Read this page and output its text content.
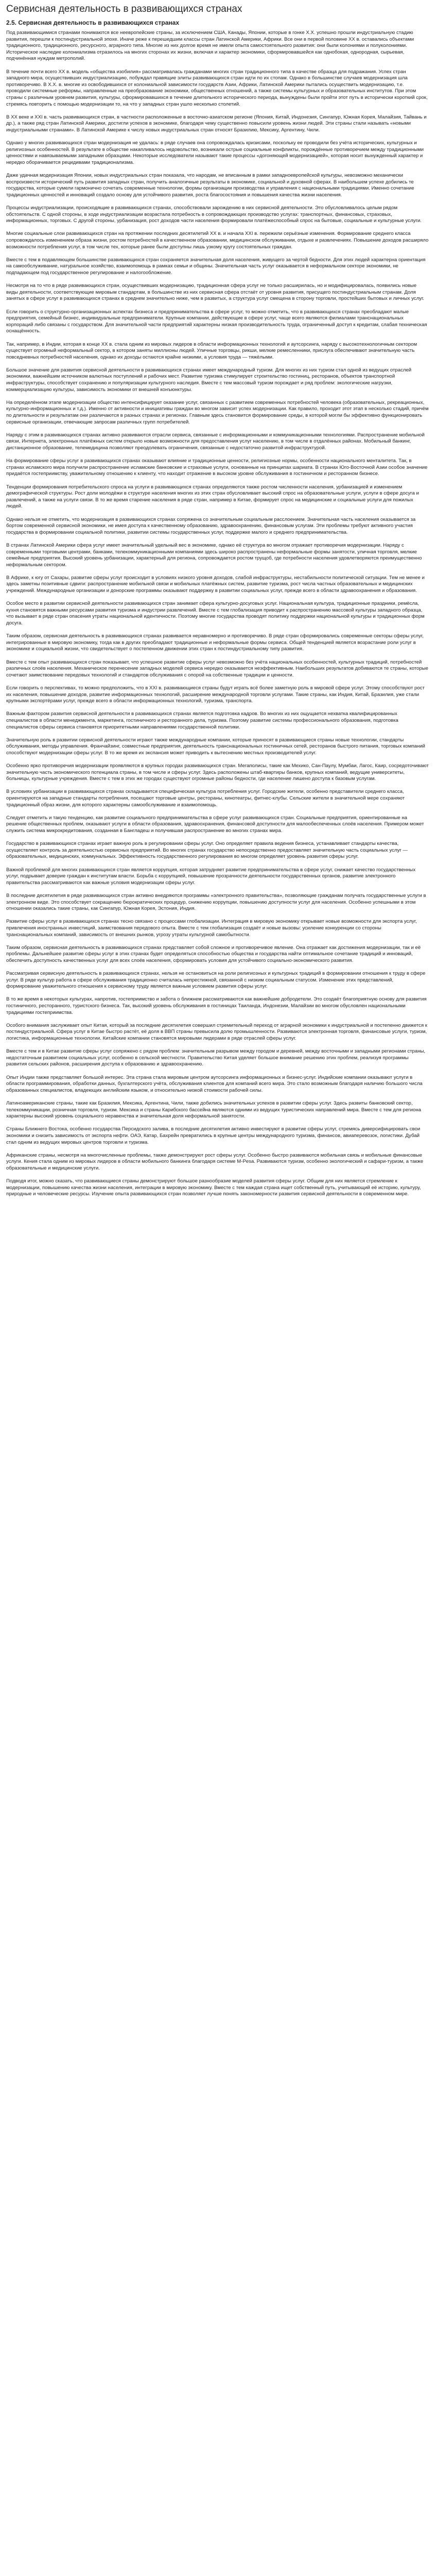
Сервисная деятельность в развивающихся странах
2.5. Сервисная деятельность в развивающихся странах

Под развивающимися странами понимаются все неевропейские страны, за исключением США, Канады, Японии, которые в гонке Х.Х. успешно прошли индустриальную стадию развития, перешли к постиндустриальной эпохе. Иначе реже к перешедшим классы стран Латинской Америки, Африки. Все они в первой половине ХХ в. оставались объектами традиционного, традиционного, ресурсного, аграрного типа. Многие из них долгое время не имели опыта самостоятельного развития: они были колониями и полуколониями. Историческое наследие колониализма отразилось на многих сторонах их жизни, включая и характер экономики, сформировавшейся как однобокая, однородная, сырьевая, подчинённая нуждам метрополий.

В течение почти всего ХХ в. модель «общества изобилия» рассматривалась гражданами многих стран традиционного типа в качестве образца для подражания. Успех стран западного мира, осуществивших индустриализацию, побуждал правящие элиты развивающихся стран идти по их стопам. Однако в большинстве случаев модернизация шла противоречиво. В Х.Х. в. многие из освободившихся от колониальной зависимости государств Азии, Африки, Латинской Америки пытались осуществить модернизацию, т.е. проводили системные реформы, направленные на преобразование экономики, общественных отношений, а также системы культурных и образовательных институтов. При этом страны с различным уровнем развития, культуры, сформировавшихся в течение длительного исторического периода, вынуждены были пройти этот путь в исторически короткий срок, стремясь повторить с помощью модернизации то, на что у западных стран ушло несколько столетий.

В ХХ веке и ХХI в. часть развивающихся стран, в частности расположенные в восточно-азиатском регионе (Япония, Китай, Индонезия, Сингапур, Южная Корея, Малайзия, Тайвань и др.), а также ряд стран Латинской Америки, достигли успехов в экономике, благодаря чему существенно повысили уровень жизни людей. Эти страны стали называть «новыми индустриальными странами». В Латинской Америке к числу новых индустриальных стран относят Бразилию, Мексику, Аргентину, Чили.

Однако у многих развивающихся стран модернизация не удалась: в ряде случаев она сопровождалась кризисами, поскольку ее проводили без учёта исторических, культурных и религиозных особенностей. В результате в обществе накапливалось недовольство, возникали острые социальные конфликты, порождённые противоречием между традиционными ценностями и навязываемыми западными образцами. Некоторые исследователи называют такие процессы «догоняющей модернизацией», которая носит вынужденный характер и нередко оборачивается рецидивами традиционализма.

Даже удачная модернизация Японии, новых индустриальных стран показала, что народам, не вписанным в рамки западноевропейской культуры, невозможно механически воспроизвести исторический путь развития западных стран, получить аналогичные результаты в экономике, социальной и духовной сферах. В наибольшем успехе добились те государства, которые сумели гармонично сочетать современные технологии, формы организации производства и управления с национальными традициями. Именно сочетание традиционных ценностей и инноваций создало основу для устойчивого развития, роста благосостояния и повышения качества жизни населения.

Процессы индустриализации, происходящие в развивающихся странах, способствовали зарождению в них сервисной деятельности. Это обусловливалось целым рядом обстоятельств. С одной стороны, в ходе индустриализации возрастала потребность в сопровождающих производство услугах: транспортных, финансовых, страховых, информационных, торговых. С другой стороны, урбанизация, рост доходов части населения формировали платёжеспособный спрос на бытовые, социальные и культурные услуги.

Многие социальные слои развивающихся стран на протяжении последних десятилетий ХХ в. и начала ХХI в. пережили серьёзные изменения. Формирование среднего класса сопровождалось изменением образа жизни, ростом потребностей в качественном образовании, медицинском обслуживании, отдыхе и развлечениях. Повышение доходов расширяло возможности потребления услуг, в том числе тех, которые ранее были доступны лишь узкому кругу состоятельных граждан.

Вместе с тем в подавляющем большинстве развивающихся стран сохраняется значительная доля населения, живущего за чертой бедности. Для этих людей характерна ориентация на самообслуживание, натуральное хозяйство, взаимопомощь в рамках семьи и общины. Значительная часть услуг оказывается в неформальном секторе экономики, не подпадающем под государственное регулирование и налогообложение.

Несмотря на то что в ряде развивающихся стран, осуществивших модернизацию, традиционная сфера услуг не только расширилась, но и модифицировалась, появились новые виды деятельности, соответствующие мировым стандартам, в большинстве из них сервисная сфера отстаёт от уровня развития, присущего постиндустриальным странам. Доля занятых в сфере услуг в развивающихся странах в среднем значительно ниже, чем в развитых, а структура услуг смещена в сторону торговли, простейших бытовых и личных услуг.

Если говорить о структурно-организационных аспектах бизнеса и предпринимательства в сфере услуг, то можно отметить, что в развивающихся странах преобладают малые предприятия, семейный бизнес, индивидуальные предприниматели. Крупные компании, действующие в сфере услуг, чаще всего являются филиалами транснациональных корпораций либо связаны с государством. Для значительной части предприятий характерны низкая производительность труда, ограниченный доступ к кредитам, слабая техническая оснащённость.

Так, например, в Индии, которая в конце ХХ в. стала одним из мировых лидеров в области информационных технологий и аутсорсинга, наряду с высокотехнологичным сектором существует огромный неформальный сектор, в котором заняты миллионы людей. Уличные торговцы, рикши, мелкие ремесленники, прислуга обеспечивают значительную часть повседневных потребностей населения, однако их доходы остаются крайне низкими, а условия труда — тяжёлыми.

Большое значение для развития сервисной деятельности в развивающихся странах имеет международный туризм. Для многих из них туризм стал одной из ведущих отраслей экономики, важнейшим источником валютных поступлений и рабочих мест. Развитие туризма стимулирует строительство гостиниц, ресторанов, объектов транспортной инфраструктуры, способствует сохранению и популяризации культурного наследия. Вместе с тем массовый туризм порождает и ряд проблем: экологические нагрузки, коммерциализацию культуры, зависимость экономики от внешней конъюнктуры.

На определённом этапе модернизации общество интенсифицирует оказание услуг, связанных с развитием современных потребностей человека (образовательных, рекреационных, культурно-информационных и т.д.). Именно от активности и инициативы граждан во многом зависит успех модернизации. Как правило, проходит этот этап в несколько стадий, причём по длительности и результатам они различаются в разных странах и регионах. Главным здесь становится формирование среды, в которой могли бы эффективно функционировать сервисные организации, отвечающие запросам различных групп потребителей.

Наряду с этим в развивающихся странах активно развиваются отрасли сервиса, связанные с информационными и коммуникационными технологиями. Распространение мобильной связи, Интернета, электронных платёжных систем открыло новые возможности для предоставления услуг населению, в том числе в отдалённых районах. Мобильный банкинг, дистанционное образование, телемедицина позволяют преодолевать ограничения, связанные с недостаточно развитой инфраструктурой.

На формирование сферы услуг в развивающихся странах оказывают влияние и традиционные ценности, религиозные нормы, особенности национального менталитета. Так, в странах исламского мира получили распространение исламские банковские и страховые услуги, основанные на принципах шариата. В странах Юго-Восточной Азии особое значение придаётся гостеприимству, уважительному отношению к клиенту, что находит отражение в высоком уровне обслуживания в гостиничном и ресторанном бизнесе.

Тенденции формирования потребительского спроса на услуги в развивающихся странах определяются также ростом численности населения, урбанизацией и изменением демографической структуры. Рост доли молодёжи в структуре населения многих из этих стран обусловливает высокий спрос на образовательные услуги, услуги в сфере досуга и развлечений, а также на услуги связи. В то же время старение населения в ряде стран, например в Китае, формирует спрос на медицинские и социальные услуги для пожилых людей.

Однако нельзя не отметить, что модернизация в развивающихся странах сопряжена со значительным социальным расслоением. Значительная часть населения оказывается за бортом современной сервисной экономики, не имея доступа к качественному образованию, здравоохранению, финансовым услугам. Эти проблемы требуют активного участия государства в формировании социальной политики, развитии системы государственных услуг, поддержке малого и среднего предпринимательства.

В странах Латинской Америки сфера услуг имеет значительный удельный вес в экономике, однако её структура во многом отражает противоречия модернизации. Наряду с современными торговыми центрами, банками, телекоммуникационными компаниями здесь широко распространены неформальные формы занятости, уличная торговля, мелкие семейные предприятия. Высокий уровень урбанизации, характерный для региона, сопровождается ростом трущоб, где потребности населения удовлетворяются преимущественно неформальным сектором.

В Африке, к югу от Сахары, развитие сферы услуг происходит в условиях низкого уровня доходов, слабой инфраструктуры, нестабильности политической ситуации. Тем не менее и здесь заметны позитивные сдвиги: распространение мобильной связи и мобильных платёжных систем, развитие туризма, рост числа частных образовательных и медицинских учреждений. Международные организации и донорские программы оказывают поддержку в развитии социальных услуг, прежде всего в области здравоохранения и образования.

Особое место в развитии сервисной деятельности развивающихся стран занимает сфера культурно-досуговых услуг. Национальная культура, традиционные праздники, ремёсла, кухня становятся важными ресурсами развития туризма и индустрии развлечений. Вместе с тем глобализация приводит к распространению массовой культуры западного образца, что вызывает в ряде стран опасения утраты национальной идентичности. Поэтому многие государства проводят политику поддержки национальной культуры и традиционных форм досуга.

Таким образом, сервисная деятельность в развивающихся странах развивается неравномерно и противоречиво. В ряде стран сформировались современные секторы сферы услуг, интегрированные в мировую экономику, тогда как в других преобладают традиционные и неформальные формы сервиса. Общей тенденцией является возрастание роли услуг в экономике и социальной жизни, что свидетельствует о постепенном движении этих стран к постиндустриальному типу развития.

Вместе с тем опыт развивающихся стран показывает, что успешное развитие сферы услуг невозможно без учёта национальных особенностей, культурных традиций, потребностей различных слоёв населения. Механическое перенесение западных моделей сервиса нередко оказывается неэффективным. Наибольших результатов добиваются те страны, которые сочетают заимствование передовых технологий и стандартов обслуживания с опорой на собственные традиции и ценности.

Если говорить о перспективах, то можно предположить, что в XXI в. развивающиеся страны будут играть всё более заметную роль в мировой сфере услуг. Этому способствуют рост их населения, повышение доходов, развитие информационных технологий, расширение международной торговли услугами. Такие страны, как Индия, Китай, Бразилия, уже стали крупными экспортёрами услуг, прежде всего в области информационных технологий, туризма, транспорта.

Важным фактором развития сервисной деятельности в развивающихся странах является подготовка кадров. Во многих из них ощущается нехватка квалифицированных специалистов в области менеджмента, маркетинга, гостиничного и ресторанного дела, туризма. Поэтому развитие системы профессионального образования, подготовка специалистов сферы сервиса становятся приоритетными направлениями государственной политики.

Значительную роль в развитии сервисной деятельности играют также международные компании, которые приносят в развивающиеся страны новые технологии, стандарты обслуживания, методы управления. Франчайзинг, совместные предприятия, деятельность транснациональных гостиничных сетей, ресторанов быстрого питания, торговых компаний способствуют модернизации сферы услуг. В то же время их экспансия может приводить к вытеснению местных производителей услуг.

Особенно ярко противоречия модернизации проявляются в крупных городах развивающихся стран. Мегаполисы, такие как Мехико, Сан-Паулу, Мумбаи, Лагос, Каир, сосредоточивают значительную часть экономического потенциала страны, в том числе и сферы услуг. Здесь расположены штаб-квартиры банков, крупных компаний, ведущие университеты, больницы, культурные учреждения. Вместе с тем в этих же городах существуют огромные районы бедности, где население лишено доступа к базовым услугам.

В условиях урбанизации в развивающихся странах складывается специфическая культура потребления услуг. Городские жители, особенно представители среднего класса, ориентируются на западные стандарты потребления, посещают торговые центры, рестораны, кинотеатры, фитнес-клубы. Сельские жители в значительной мере сохраняют традиционный образ жизни, для которого характерны самообслуживание и взаимопомощь.

Следует отметить и такую тенденцию, как развитие социального предпринимательства в сфере услуг развивающихся стран. Социальные предприятия, ориентированные на решение общественных проблем, оказывают услуги в области образования, здравоохранения, финансовой доступности для малообеспеченных слоёв населения. Примером может служить система микрокредитования, созданная в Бангладеш и получившая распространение во многих странах мира.

Государство в развивающихся странах играет важную роль в регулировании сферы услуг. Оно определяет правила ведения бизнеса, устанавливает стандарты качества, осуществляет контроль за деятельностью сервисных предприятий. Во многих странах государство непосредственно предоставляет значительную часть социальных услуг — образовательных, медицинских, коммунальных. Эффективность государственного регулирования во многом определяет уровень развития сферы услуг.

Важной проблемой для многих развивающихся стран является коррупция, которая затрудняет развитие предпринимательства в сфере услуг, снижает качество государственных услуг, подрывает доверие граждан к институтам власти. Борьба с коррупцией, повышение прозрачности деятельности государственных органов, развитие электронного правительства рассматриваются как важные условия модернизации сферы услуг.

В последние десятилетия в ряде развивающихся стран активно внедряются программы «электронного правительства», позволяющие гражданам получать государственные услуги в электронном виде. Это способствует сокращению бюрократических процедур, снижению коррупции, повышению доступности услуг для населения. Особенно успешными в этом отношении оказались такие страны, как Сингапур, Южная Корея, Эстония, Индия.

Развитие сферы услуг в развивающихся странах тесно связано с процессами глобализации. Интеграция в мировую экономику открывает новые возможности для экспорта услуг, привлечения иностранных инвестиций, заимствования передового опыта. Вместе с тем глобализация создаёт и новые вызовы: усиление конкуренции со стороны транснациональных компаний, зависимость от внешних рынков, угрозу утраты культурной самобытности.

Таким образом, сервисная деятельность в развивающихся странах представляет собой сложное и противоречивое явление. Она отражает как достижения модернизации, так и её проблемы. Дальнейшее развитие сферы услуг в этих странах будет определяться способностью общества и государства найти оптимальное сочетание традиций и инноваций, обеспечить доступность качественных услуг для всех слоёв населения, сформировать условия для устойчивого социально-экономического развития.

Рассматривая сервисную деятельность в развивающихся странах, нельзя не остановиться на роли религиозных и культурных традиций в формировании отношения к труду в сфере услуг. В ряде культур работа в сфере обслуживания традиционно считалась непрестижной, связанной с низким социальным статусом. Изменение этих представлений, формирование уважительного отношения к сервисному труду является важным условием развития сферы услуг.

В то же время в некоторых культурах, напротив, гостеприимство и забота о ближнем рассматриваются как важнейшие добродетели. Это создаёт благоприятную основу для развития гостиничного, ресторанного, туристского бизнеса. Так, высокий уровень обслуживания в гостиницах Таиланда, Индонезии, Малайзии во многом обусловлен национальными традициями гостеприимства.

Особого внимания заслуживает опыт Китая, который за последние десятилетия совершил стремительный переход от аграрной экономики к индустриальной и постепенно движется к постиндустриальной. Сфера услуг в Китае быстро растёт, её доля в ВВП страны превысила долю промышленности. Развиваются электронная торговля, финансовые услуги, туризм, логистика, информационные технологии. Китайские компании становятся мировыми лидерами в ряде отраслей сферы услуг.

Вместе с тем и в Китае развитие сферы услуг сопряжено с рядом проблем: значительным разрывом между городом и деревней, между восточными и западными регионами страны, недостаточным развитием социальных услуг, особенно в сельской местности. Правительство Китая уделяет большое внимание решению этих проблем, реализуя программы развития сельских районов, расширения доступа к образованию и здравоохранению.

Опыт Индии также представляет большой интерес. Эта страна стала мировым центром аутсорсинга информационных и бизнес-услуг. Индийские компании оказывают услуги в области программирования, обработки данных, бухгалтерского учёта, обслуживания клиентов для компаний всего мира. Это стало возможным благодаря наличию большого числа образованных специалистов, владеющих английским языком, и относительно низкой стоимости рабочей силы.

Латиноамериканские страны, такие как Бразилия, Мексика, Аргентина, Чили, также добились значительных успехов в развитии сферы услуг. Здесь развиты банковский сектор, телекоммуникации, розничная торговля, туризм. Мексика и страны Карибского бассейна являются одними из ведущих туристических направлений мира. Вместе с тем для региона характерны высокий уровень социального неравенства и значительная доля неформальной занятости.

Страны Ближнего Востока, особенно государства Персидского залива, в последние десятилетия активно инвестируют в развитие сферы услуг, стремясь диверсифицировать свои экономики и снизить зависимость от экспорта нефти. ОАЭ, Катар, Бахрейн превратились в крупные центры международного туризма, финансов, авиаперевозок, логистики. Дубай стал одним из ведущих мировых центров торговли и туризма.

Африканские страны, несмотря на многочисленные проблемы, также демонстрируют рост сферы услуг. Особенно быстро развиваются мобильная связь и мобильные финансовые услуги. Кения стала одним из мировых лидеров в области мобильного банкинга благодаря системе M-Pesa. Развиваются туризм, особенно экологический и сафари-туризм, а также образовательные и медицинские услуги.

Подводя итог, можно сказать, что развивающиеся страны демонстрируют большое разнообразие моделей развития сферы услуг. Общим для них является стремление к модернизации, повышению качества жизни населения, интеграции в мировую экономику. Вместе с тем каждая страна ищет собственный путь, учитывающий её историю, культуру, природные и человеческие ресурсы. Изучение опыта развивающихся стран позволяет лучше понять закономерности развития сервисной деятельности в современном мире.
